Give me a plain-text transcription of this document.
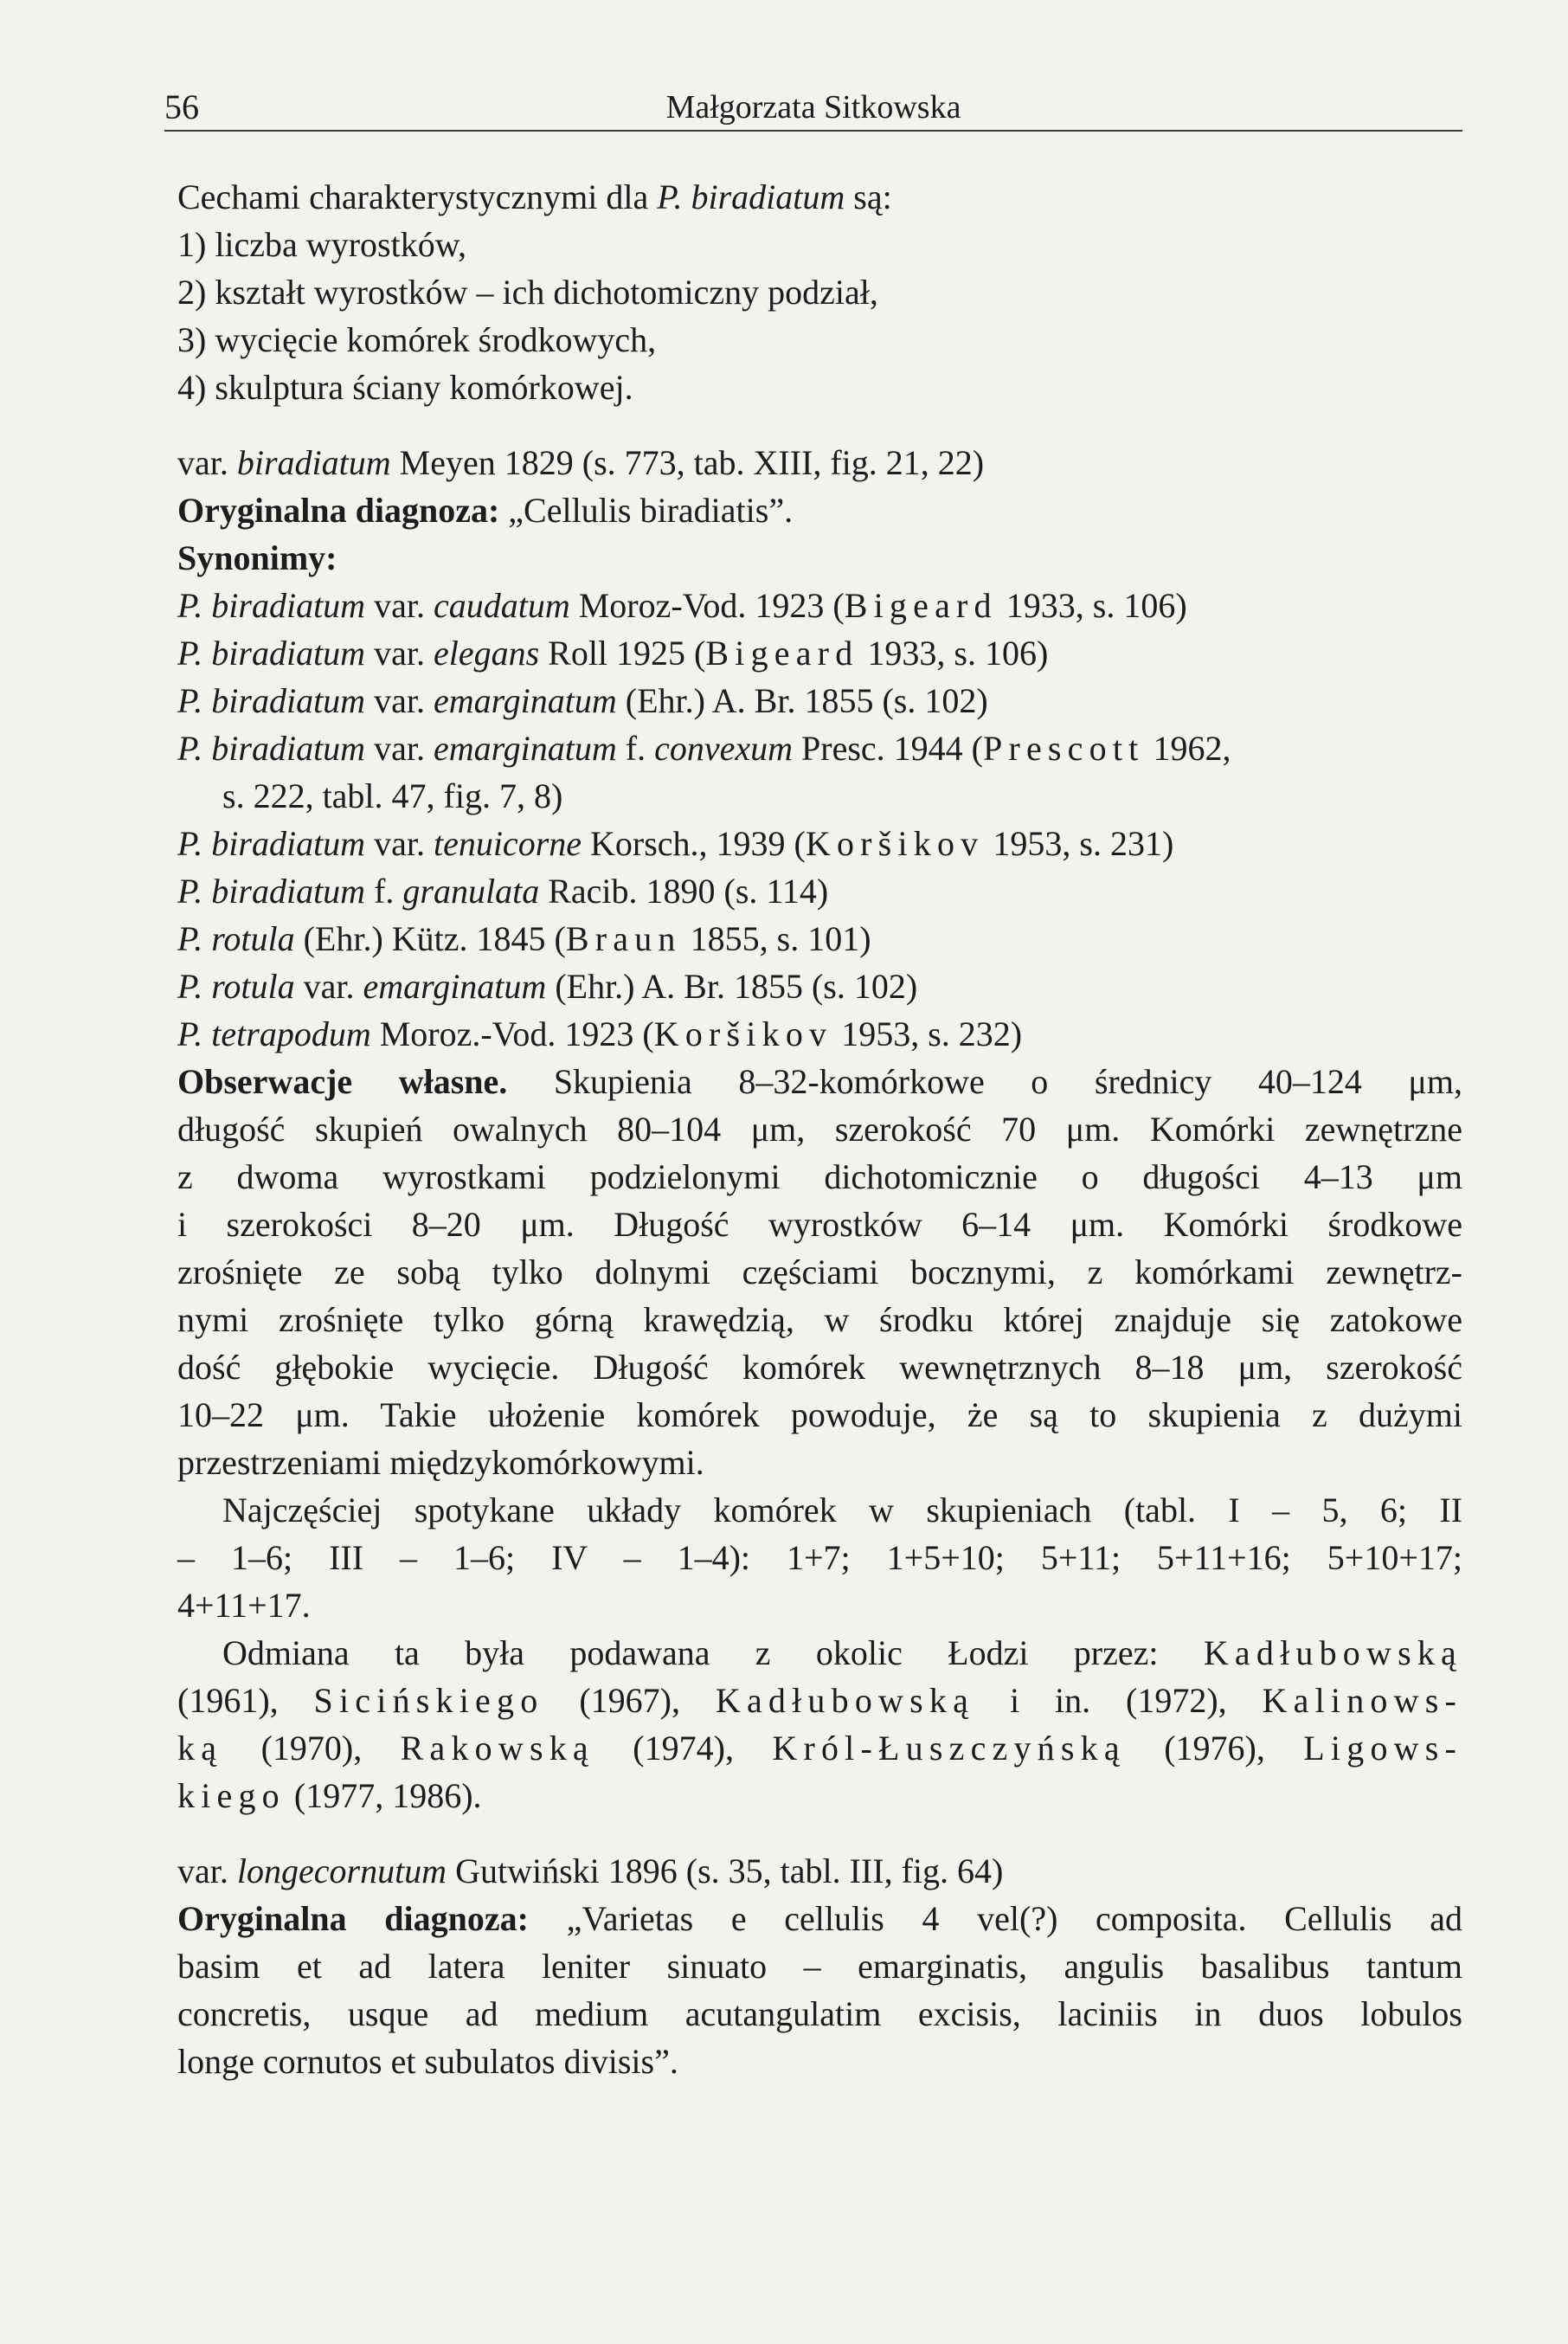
56	Małgorzata Sitkowska
Cechami charakterystycznymi dla P. biradiatum są:
1) liczba wyrostków,
2) kształt wyrostków – ich dichotomiczny podział,
3) wycięcie komórek środkowych,
4) skulptura ściany komórkowej.
var. biradiatum Meyen 1829 (s. 773, tab. XIII, fig. 21, 22)
Oryginalna diagnoza: „Cellulis biradiatis”.
Synonimy:
P. biradiatum var. caudatum Moroz-Vod. 1923 (Bigeard 1933, s. 106)
P. biradiatum var. elegans Roll 1925 (Bigeard 1933, s. 106)
P. biradiatum var. emarginatum (Ehr.) A. Br. 1855 (s. 102)
P. biradiatum var. emarginatum f. convexum Presc. 1944 (Prescott 1962,
s. 222, tabl. 47, fig. 7, 8)
P. biradiatum var. tenuicorne Korsch., 1939 (Koršikov 1953, s. 231)
P. biradiatum f. granulata Racib. 1890 (s. 114)
P. rotula (Ehr.) Kütz. 1845 (Braun 1855, s. 101)
P. rotula var. emarginatum (Ehr.) A. Br. 1855 (s. 102)
P. tetrapodum Moroz.-Vod. 1923 (Koršikov 1953, s. 232)
Obserwacje własne. Skupienia 8–32-komórkowe o średnicy 40–124 μm,
długość skupień owalnych 80–104 μm, szerokość 70 μm. Komórki zewnętrzne
z dwoma wyrostkami podzielonymi dichotomicznie o długości 4–13 μm
i szerokości 8–20 μm. Długość wyrostków 6–14 μm. Komórki środkowe
zrośnięte ze sobą tylko dolnymi częściami bocznymi, z komórkami zewnętrz-
nymi zrośnięte tylko górną krawędzią, w środku której znajduje się zatokowe
dość głębokie wycięcie. Długość komórek wewnętrznych 8–18 μm, szerokość
10–22 μm. Takie ułożenie komórek powoduje, że są to skupienia z dużymi
przestrzeniami międzykomórkowymi.
Najczęściej spotykane układy komórek w skupieniach (tabl. I – 5, 6; II
– 1–6; III – 1–6; IV – 1–4): 1+7; 1+5+10; 5+11; 5+11+16; 5+10+17;
4+11+17.
Odmiana ta była podawana z okolic Łodzi przez: Kadłubowską
(1961), Sicińskiego (1967), Kadłubowską i in. (1972), Kalinows-
ką (1970), Rakowską (1974), Król-Łuszczyńską (1976), Ligows-
kiego (1977, 1986).
var. longecornutum Gutwiński 1896 (s. 35, tabl. III, fig. 64)
Oryginalna diagnoza: „Varietas e cellulis 4 vel(?) composita. Cellulis ad
basim et ad latera leniter sinuato – emarginatis, angulis basalibus tantum
concretis, usque ad medium acutangulatim excisis, laciniis in duos lobulos
longe cornutos et subulatos divisis”.
